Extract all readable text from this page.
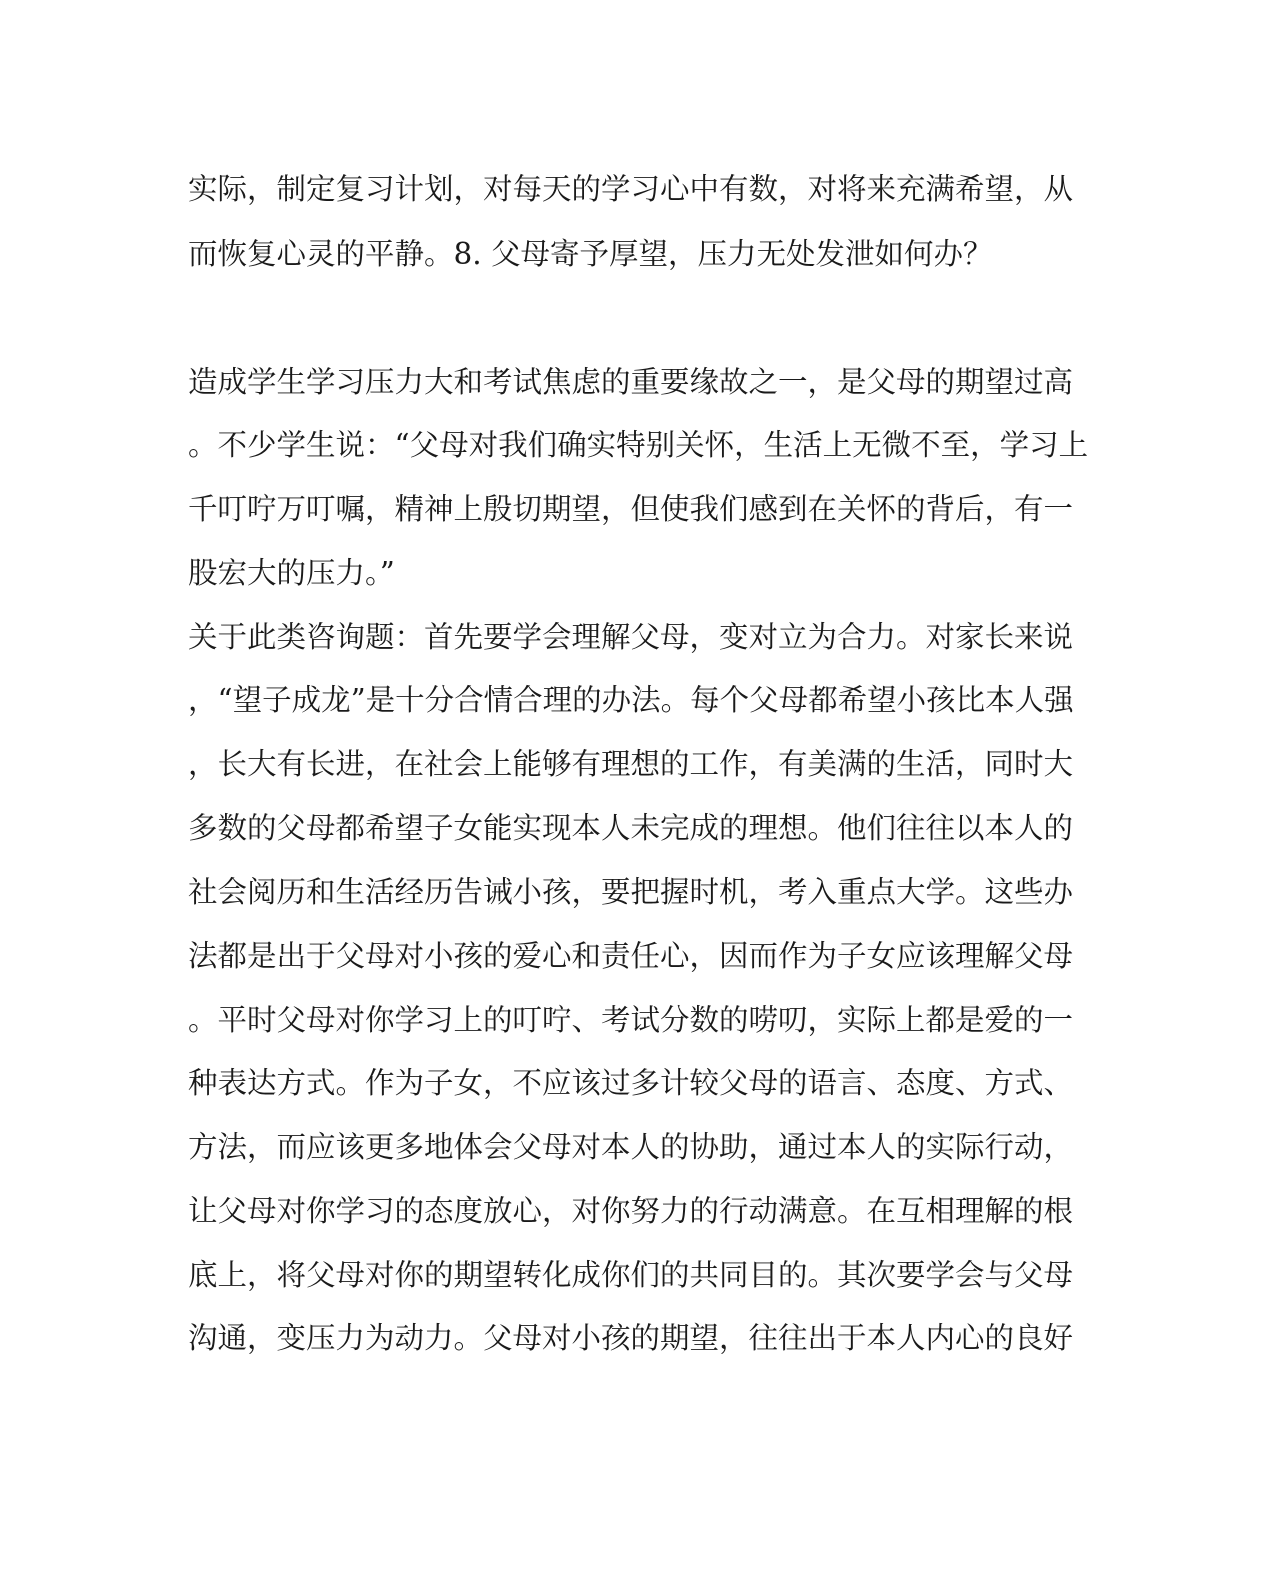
实际，制定复习计划，对每天的学习心中有数，对将来充满希望，从
而恢复心灵的平静。8. 父母寄予厚望，压力无处发泄如何办？
造成学生学习压力大和考试焦虑的重要缘故之一，是父母的期望过高
。不少学生说：“父母对我们确实特别关怀，生活上无微不至，学习上
千叮咛万叮嘱，精神上殷切期望，但使我们感到在关怀的背后，有一
股宏大的压力。”
关于此类咨询题：首先要学会理解父母，变对立为合力。对家长来说
，“望子成龙”是十分合情合理的办法。每个父母都希望小孩比本人强
，长大有长进，在社会上能够有理想的工作，有美满的生活，同时大
多数的父母都希望子女能实现本人未完成的理想。他们往往以本人的
社会阅历和生活经历告诫小孩，要把握时机，考入重点大学。这些办
法都是出于父母对小孩的爱心和责任心，因而作为子女应该理解父母
。平时父母对你学习上的叮咛、考试分数的唠叨，实际上都是爱的一
种表达方式。作为子女，不应该过多计较父母的语言、态度、方式、
方法，而应该更多地体会父母对本人的协助，通过本人的实际行动，
让父母对你学习的态度放心，对你努力的行动满意。在互相理解的根
底上，将父母对你的期望转化成你们的共同目的。其次要学会与父母
沟通，变压力为动力。父母对小孩的期望，往往出于本人内心的良好
